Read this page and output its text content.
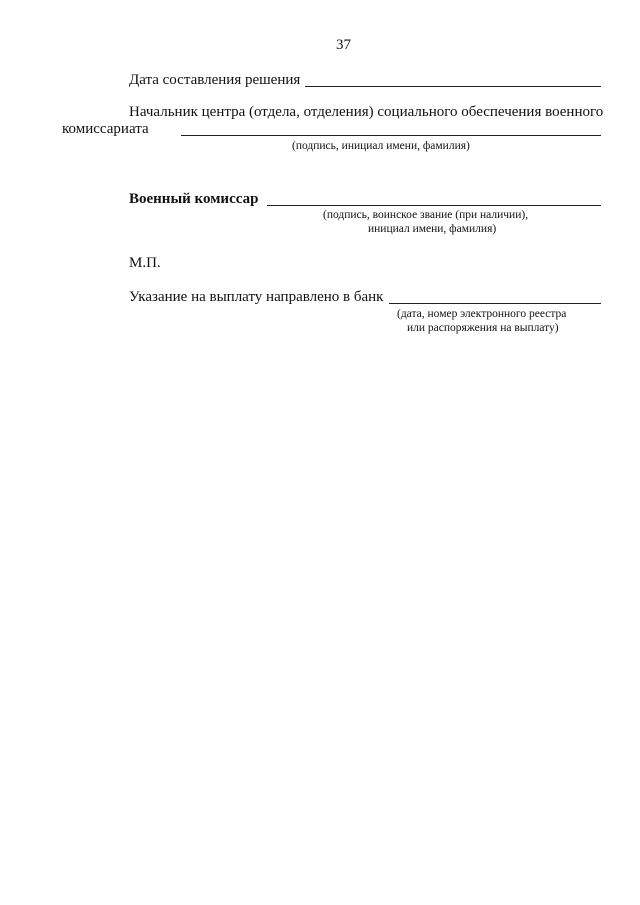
37
Дата составления решения
Начальник центра (отдела, отделения) социального обеспечения военного
комиссариата
(подпись, инициал имени, фамилия)
Военный комиссар
(подпись, воинское звание (при наличии),
инициал имени, фамилия)
М.П.
Указание на выплату направлено в банк
(дата, номер электронного реестра
или распоряжения на выплату)
